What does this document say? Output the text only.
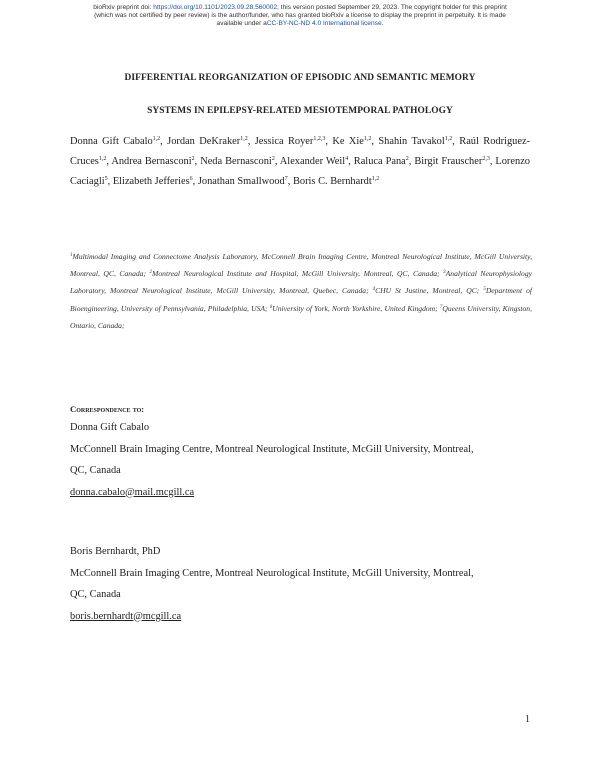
bioRxiv preprint doi: https://doi.org/10.1101/2023.09.28.560002; this version posted September 29, 2023. The copyright holder for this preprint
(which was not certified by peer review) is the author/funder, who has granted bioRxiv a license to display the preprint in perpetuity. It is made
available under aCC-BY-NC-ND 4.0 International license.
DIFFERENTIAL REORGANIZATION OF EPISODIC AND SEMANTIC MEMORY
SYSTEMS IN EPILEPSY-RELATED MESIOTEMPORAL PATHOLOGY
Donna Gift Cabalo$^{1,2}$, Jordan DeKraker$^{1,2}$, Jessica Royer$^{1,2,3}$, Ke Xie$^{1,2}$, Shahin Tavakol$^{1,2}$, Raúl Rodriguez-Cruces$^{1,2}$, Andrea Bernasconi$^2$, Neda Bernasconi$^2$, Alexander Weil$^4$, Raluca Pana$^2$, Birgit Frauscher$^{2,3}$, Lorenzo Caciagli$^5$, Elizabeth Jefferies$^6$, Jonathan Smallwood$^7$, Boris C. Bernhardt$^{1,2}$
$^1$Multimodal Imaging and Connectome Analysis Laboratory, McConnell Brain Imaging Centre, Montreal Neurological Institute, McGill University, Montreal, QC, Canada; $^2$Montreal Neurological Institute and Hospital, McGill University, Montreal, QC, Canada; $^3$Analytical Neurophysiology Laboratory, Montreal Neurological Institute, McGill University, Montreal, Quebec, Canada; $^4$CHU St Justine, Montreal, QC; $^5$Department of Bioengineering, University of Pennsylvania, Philadelphia, USA; $^6$University of York, North Yorkshire, United Kingdom; $^7$Queens University, Kingston, Ontario, Canada;
Correspondence to:
Donna Gift Cabalo
McConnell Brain Imaging Centre, Montreal Neurological Institute, McGill University, Montreal,
QC, Canada
donna.cabalo@mail.mcgill.ca
Boris Bernhardt, PhD
McConnell Brain Imaging Centre, Montreal Neurological Institute, McGill University, Montreal,
QC, Canada
boris.bernhardt@mcgill.ca
1
